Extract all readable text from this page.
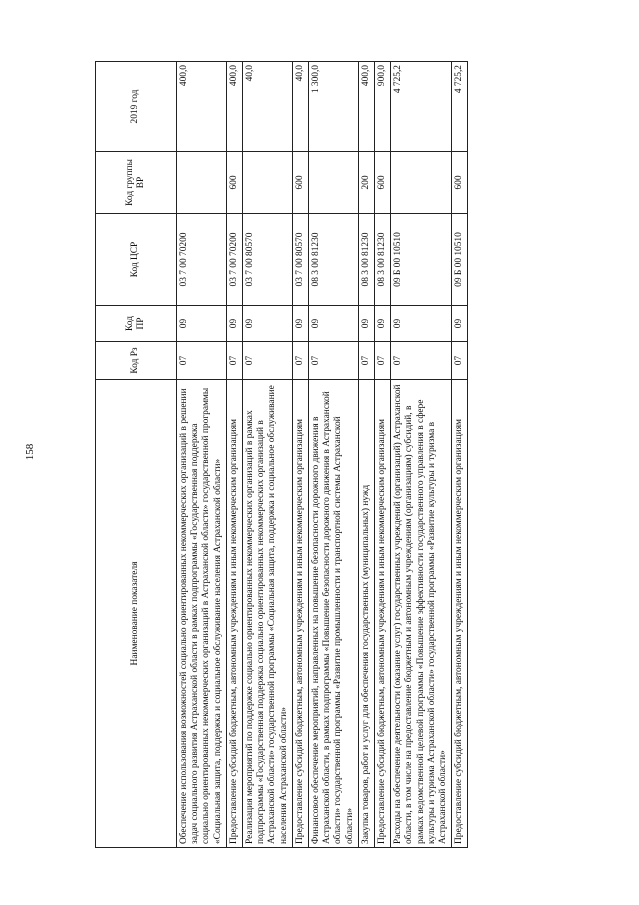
158
Наименование показателя	Код Рз	Код ПР	Код ЦСР	Код группы ВР	2019 год
Обеспечение использования возможностей социально ориентированных некоммерческих организаций в решении задач социального развития Астраханской области в рамках подпрограммы «Государственная поддержка социально ориентированных некоммерческих организаций в Астраханской области» государственной программы «Социальная защита, поддержка и социальное обслуживание населения Астраханской области»	07	09	03 7 00 70200		400,0
Предоставление субсидий бюджетным, автономным учреждениям и иным некоммерческим организациям	07	09	03 7 00 70200	600	400,0
Реализация мероприятий по поддержке социально ориентированных некоммерческих организаций в рамках подпрограммы «Государственная поддержка социально ориентированных некоммерческих организаций в Астраханской области» государственной программы «Социальная защита, поддержка и социальное обслуживание населения Астраханской области»	07	09	03 7 00 80570		40,0
Предоставление субсидий бюджетным, автономным учреждениям и иным некоммерческим организациям	07	09	03 7 00 80570	600	40,0
Финансовое обеспечение мероприятий, направленных на повышение безопасности дорожного движения в Астраханской области, в рамках подпрограммы «Повышение безопасности дорожного движения в Астраханской области» государственной программы «Развитие промышленности и транспортной системы Астраханской области»	07	09	08 3 00 81230		1 300,0
Закупка товаров, работ и услуг для обеспечения государственных (муниципальных) нужд	07	09	08 3 00 81230	200	400,0
Предоставление субсидий бюджетным, автономным учреждениям и иным некоммерческим организациям	07	09	08 3 00 81230	600	900,0
Расходы на обеспечение деятельности (оказание услуг) государственных учреждений (организаций) Астраханской области, в том числе на предоставление бюджетным и автономным учреждениям (организациям) субсидий, в рамках ведомственной целевой программы «Повышение эффективности государственного управления в сфере культуры и туризма Астраханской области» государственной программы «Развитие культуры и туризма в Астраханской области»	07	09	09 Б 00 10510		4 725,2
Предоставление субсидий бюджетным, автономным учреждениям и иным некоммерческим организациям	07	09	09 Б 00 10510	600	4 725,2
